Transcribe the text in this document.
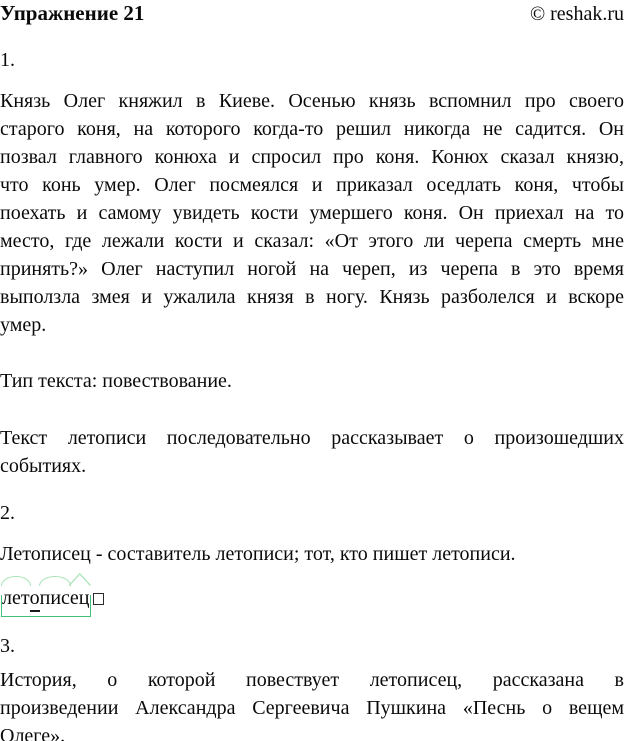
Упражнение 21	© reshak.ru
1.
Князь Олег княжил в Киеве. Осенью князь вспомнил про своего
старого коня, на которого когда-то решил никогда не садится. Он
позвал главного конюха и спросил про коня. Конюх сказал князю,
что конь умер. Олег посмеялся и приказал оседлать коня, чтобы
поехать и самому увидеть кости умершего коня. Он приехал на то
место, где лежали кости и сказал: «От этого ли черепа смерть мне
принять?» Олег наступил ногой на череп, из черепа в это время
выползла змея и ужалила князя в ногу. Князь разболелся и вскоре
умер.
Тип текста: повествование.
Текст летописи последовательно рассказывает о произошедших
событиях.
2.
Летописец - составитель летописи; тот, кто пишет летописи.
лето
пис
ец
3.
История, о которой повествует летописец, рассказана в
произведении Александра Сергеевича Пушкина «Песнь о вещем
Олеге».
